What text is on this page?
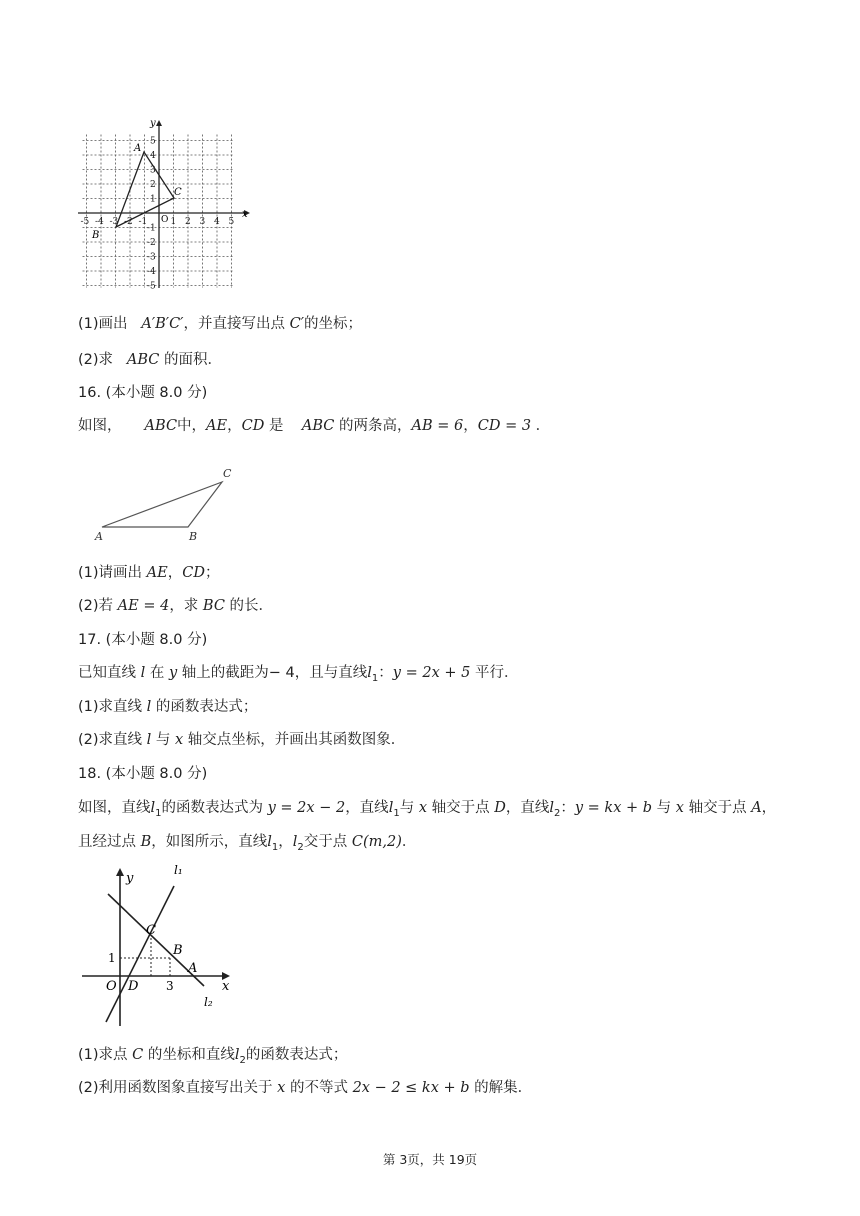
-5 -4 -3 -2 -1	1 2 3 4 5
5
4
3
2
1
-1
-2
-3
-4
-5
x
y
O
A
B
C
(1)画出 A′B′C′，并直接写出点 C′的坐标；
(2)求 ABC 的面积．
16. (本小题 8.0 分)
如图， ABC中，AE，CD 是 ABC 的两条高，AB = 6，CD = 3 ．
A	B
C
(1)请画出 AE，CD；
(2)若 AE = 4，求 BC 的长．
17. (本小题 8.0 分)
已知直线 l 在 y 轴上的截距为− 4，且与直线$l_1$：y = 2x + 5 平行．
(1)求直线 l 的函数表达式；
(2)求直线 l 与 x 轴交点坐标，并画出其函数图象．
18. (本小题 8.0 分)
如图，直线$l_1$的函数表达式为 y = 2x − 2，直线$l_1$与 x 轴交于点 D，直线$l_2$：y = kx + b 与 x 轴交于点 A，
且经过点 B，如图所示，直线$l_1$，$l_2$交于点 C(m,2)．
y
x
l₁
l₂
C
B
A
D
O
1
3
(1)求点 C 的坐标和直线$l_2$的函数表达式；
(2)利用函数图象直接写出关于 x 的不等式 2x − 2 ≤ kx + b 的解集．
第 3页，共 19页
